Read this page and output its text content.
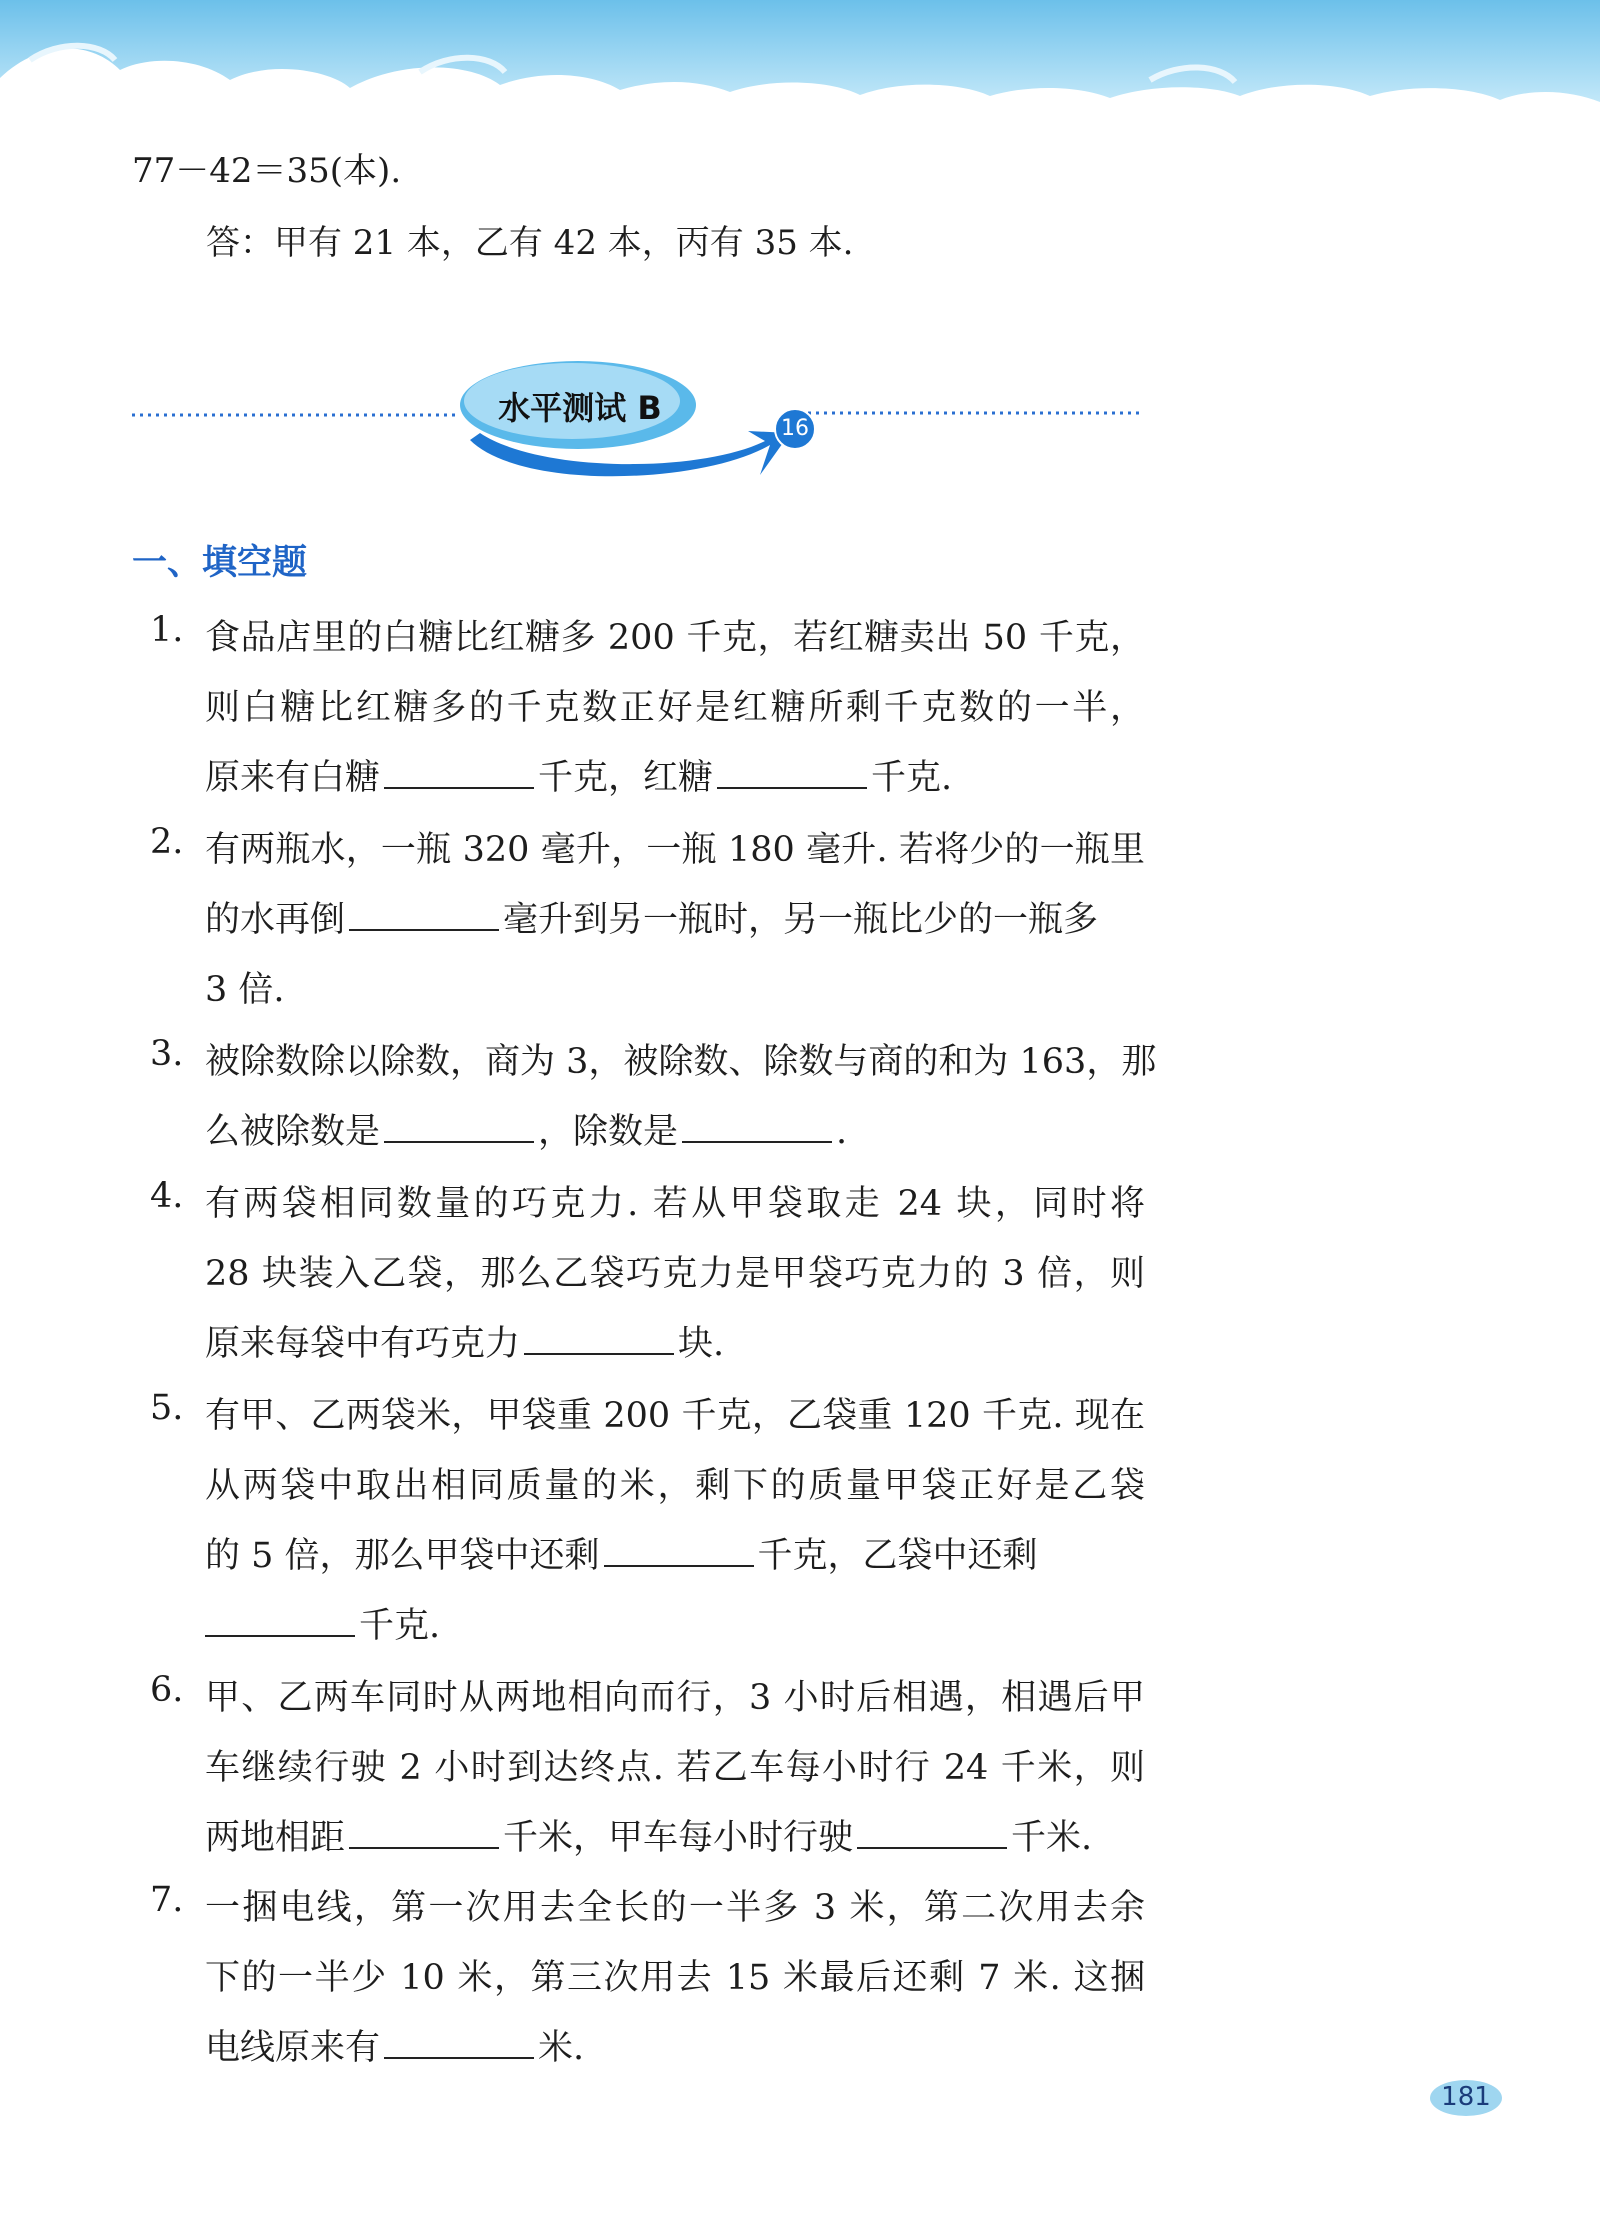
77－42＝35(本).
答：甲有 21 本，乙有 42 本，丙有 35 本.
水平测试 B
16
一、填空题
1. 食品店里的白糖比红糖多 200 千克，若红糖卖出 50 千克，
则白糖比红糖多的千克数正好是红糖所剩千克数的一半，
原来有白糖	千克，红糖	千克.
2. 有两瓶水，一瓶 320 毫升，一瓶 180 毫升. 若将少的一瓶里
的水再倒	毫升到另一瓶时，另一瓶比少的一瓶多
3 倍.
3. 被除数除以除数，商为 3，被除数、除数与商的和为 163，那
么被除数是	，除数是	.
4. 有两袋相同数量的巧克力. 若从甲袋取走 24 块，同时将
28 块装入乙袋，那么乙袋巧克力是甲袋巧克力的 3 倍，则
原来每袋中有巧克力	块.
5. 有甲、乙两袋米，甲袋重 200 千克，乙袋重 120 千克. 现在
从两袋中取出相同质量的米，剩下的质量甲袋正好是乙袋
的 5 倍，那么甲袋中还剩	千克，乙袋中还剩
千克.
6. 甲、乙两车同时从两地相向而行，3 小时后相遇，相遇后甲
车继续行驶 2 小时到达终点. 若乙车每小时行 24 千米，则
两地相距	千米，甲车每小时行驶	千米.
7. 一捆电线，第一次用去全长的一半多 3 米，第二次用去余
下的一半少 10 米，第三次用去 15 米最后还剩 7 米. 这捆
电线原来有	米.
181
